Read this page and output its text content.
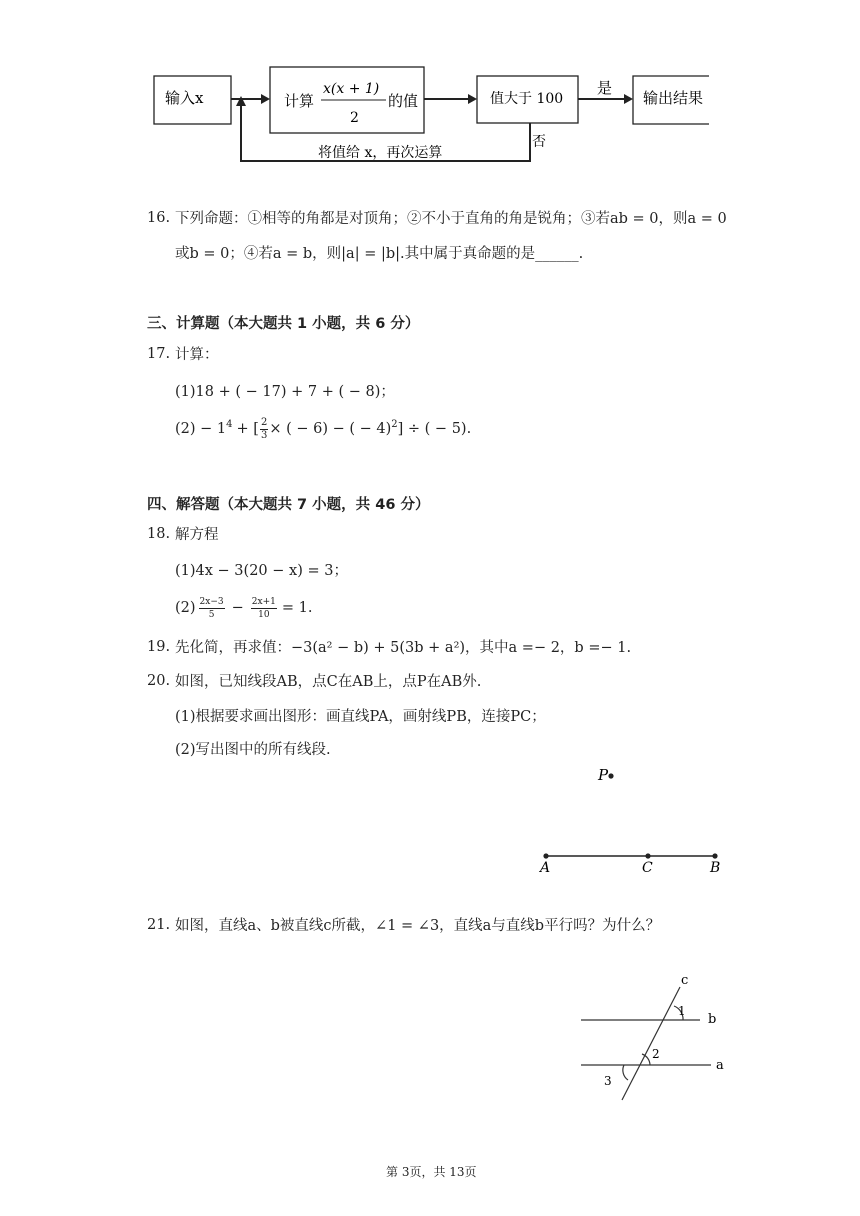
输入x	计算
x(x + 1)
2
的值	值大于 100
是
输出结果
否
将值给 x，再次运算
16. 下列命题：①相等的角都是对顶角；②不小于直角的角是锐角；③若ab = 0，则a = 0
或b = 0；④若a = b，则|a| = |b|.其中属于真命题的是______.
三、计算题（本大题共 1 小题，共 6 分）
17. 计算：
(1)18 + ( − 17) + 7 + ( − 8)；
$(2) - 1^4$ + [ $\frac{2}{3}$ × ( − 6) − ( − 4)$^2$ ] ÷ ( − 5).
四、解答题（本大题共 7 小题，共 46 分）
18. 解方程
(1)4x − 3(20 − x) = 3；
$(2) \frac{2x-3}{5} - \frac{2x+1}{10} = 1$.
19. 先化简，再求值：−3(a² − b) + 5(3b + a²)，其中a =− 2，b =− 1.
20. 如图，已知线段AB，点C在AB上，点P在AB外.
(1)根据要求画出图形：画直线PA，画射线PB，连接PC；
(2)写出图中的所有线段.
P
A	C	B
21. 如图，直线a、b被直线c所截，∠1 = ∠3，直线a与直线b平行吗？为什么？
c
b
a
1
2
3
第 3页，共 13页
